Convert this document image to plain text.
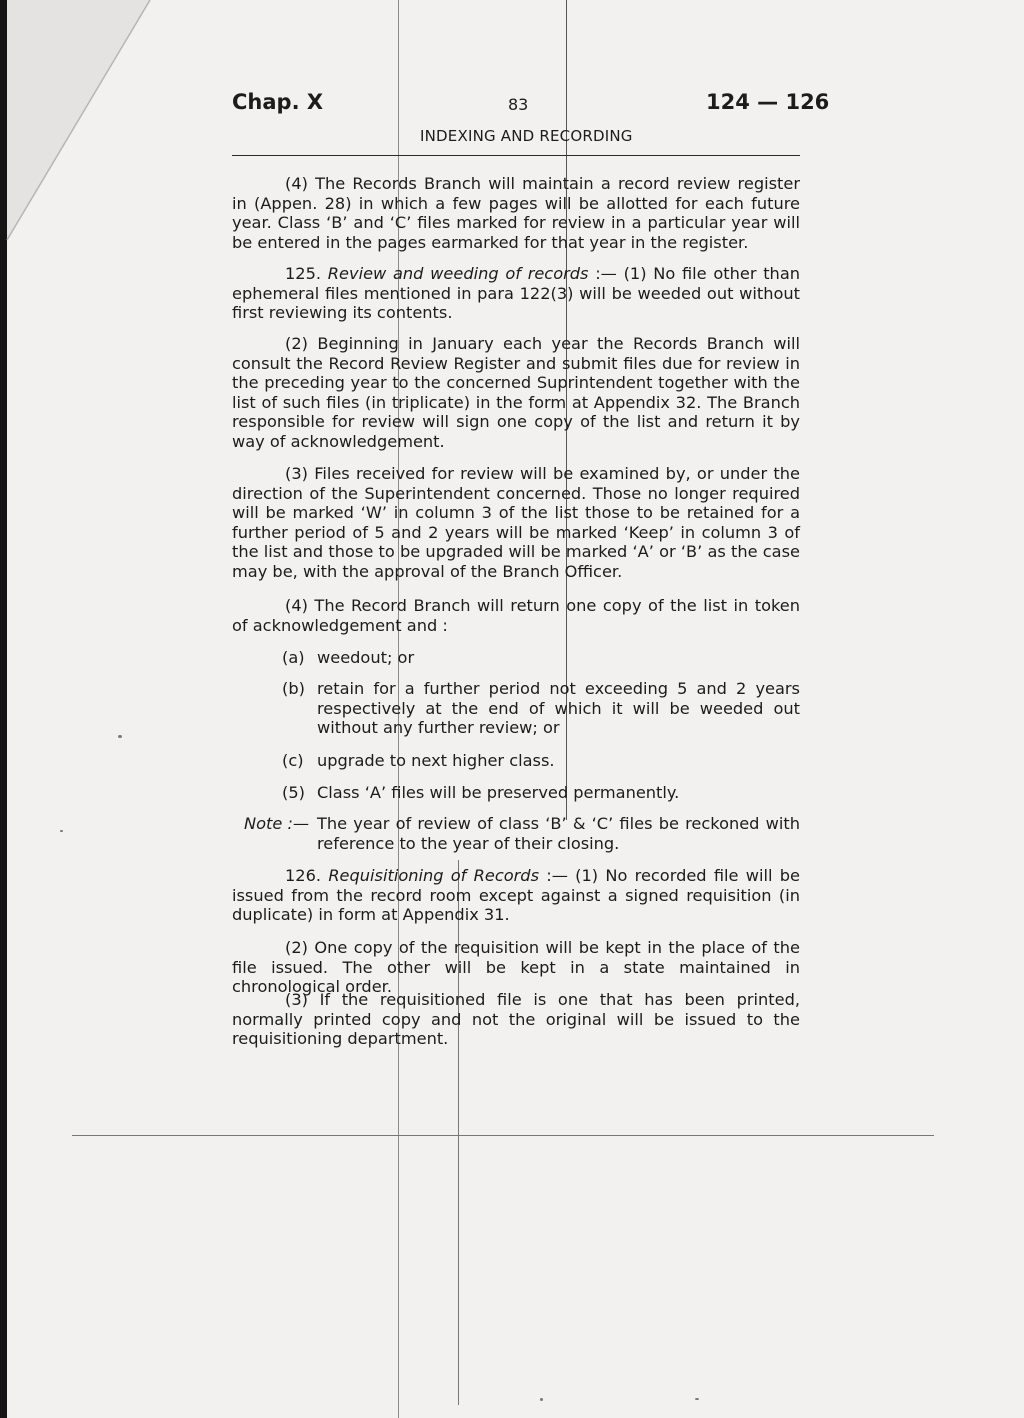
Chap. X	83	124 — 126
INDEXING AND RECORDING
(4) The Records Branch will maintain a record review register in (Appen. 28) in which a few pages will be allotted for each future year. Class ‘B’ and ‘C’ files marked for review in a particular year will be entered in the pages earmarked for that year in the register.
125. Review and weeding of records :— (1) No file other than ephemeral files mentioned in para 122(3) will be weeded out without first reviewing its contents.
(2) Beginning in January each year the Records Branch will consult the Record Review Register and submit files due for review in the preceding year to the concerned Suprintendent together with the list of such files (in triplicate) in the form at Appendix 32. The Branch responsible for review will sign one copy of the list and return it by way of acknowledgement.
(3) Files received for review will be examined by, or under the direction of the Superintendent concerned. Those no longer required will be marked ‘W’ in column 3 of the list those to be retained for a further period of 5 and 2 years will be marked ‘Keep’ in column 3 of the list and those to be upgraded will be marked ‘A’ or ‘B’ as the case may be, with the approval of the Branch Officer.
(4) The Record Branch will return one copy of the list in token of acknowledgement and :
(a) weedout; or
(b) retain for a further period not exceeding 5 and 2 years respectively at the end of which it will be weeded out without any further review; or
(c) upgrade to next higher class.
(5) Class ‘A’ files will be preserved permanently.
Note :— The year of review of class ‘B’ & ‘C’ files be reckoned with reference to the year of their closing.
126. Requisitioning of Records :— (1) No recorded file will be issued from the record room except against a signed requisition (in duplicate) in form at Appendix 31.
(2) One copy of the requisition will be kept in the place of the file issued. The other will be kept in a state maintained in chronological order.
(3) If the requisitioned file is one that has been printed, normally printed copy and not the original will be issued to the requisitioning department.
